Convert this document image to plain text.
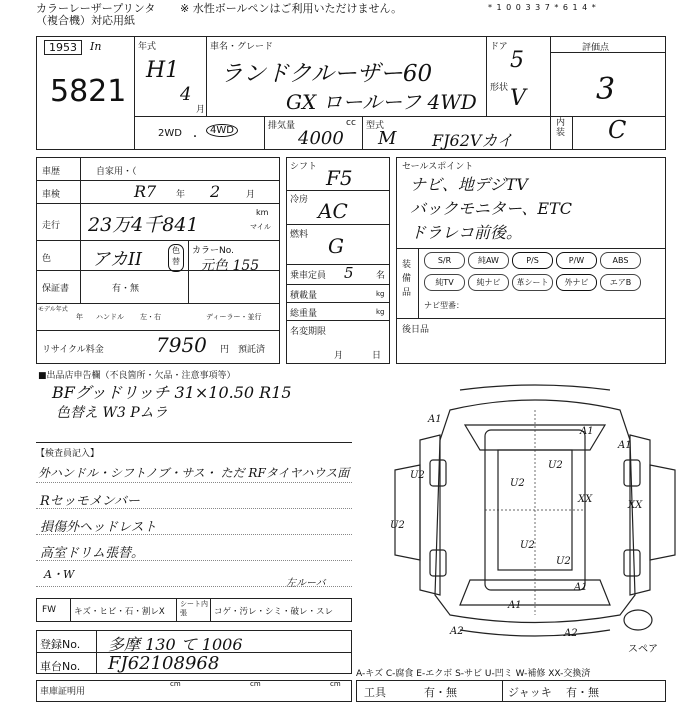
カラーレーザープリンタ
（複合機）対応用紙
※ 水性ボールペンはご利用いただけません。	* 1 0 0 3 3 7 * 6 1 4 *
1953	In
5821
年式
H1
4
月
車名・グレード
ランドクルーザー60
GX ロールーフ 4WD
ドア
5
形状 V
評価点
3
内装 C
2WD ・
4WD	排気量	cc
4000
型式
M FJ62Vカイ
車歴	自家用・（
車検	R7 年 2	月
走行 23万4千841
km
マイル
色 アカII	色替
カラーNo.
元色 155
保証書	有・無
モデル年式
年 ハンドル 左・右	ディーラー・並行
リサイクル料金	7950 円 預託済
シフト F5
冷房 AC
燃料 G
乗車定員 5 名
積載量	kg
総重量	kg
名変期限
月	日
セールスポイント
ナビ、地デジTV
バックモニター、ETC
ドラレコ前後。
装備品
S/R	純AW	P/S	P/W	ABS
純TV	純ナビ 革シート 外ナビ	エアB
ナビ型番：
後日品
■出品店申告欄（不良箇所・欠品・注意事項等）
BFグッドリッチ 31×10.50 R15
色替え W3 Pムラ
【検査員記入】
外ハンドル・シフトノブ・サス・ ただ RFタイヤハウス面
Rセッモメンバー
損傷外ヘッドレスト
高室ドリム張替。
A・W
FW キズ・ヒビ・石・割レX
シート内張	コゲ・汚レ・シミ・破レ・スレ
左ルーバ
登録No. 多摩 130 て 1006
車台No. FJ62108968	A-キズ C-腐食 E-エクボ S-サビ U-凹ミ W-補修 XX-交換済
車庫証明用
cm	cm	cm
工具	有・無	ジャッキ 有・無
A1
A1
U2
U2
U2
XX
XX
U2
A1
A1
A2	A2
A1
U2
U2
スペア
